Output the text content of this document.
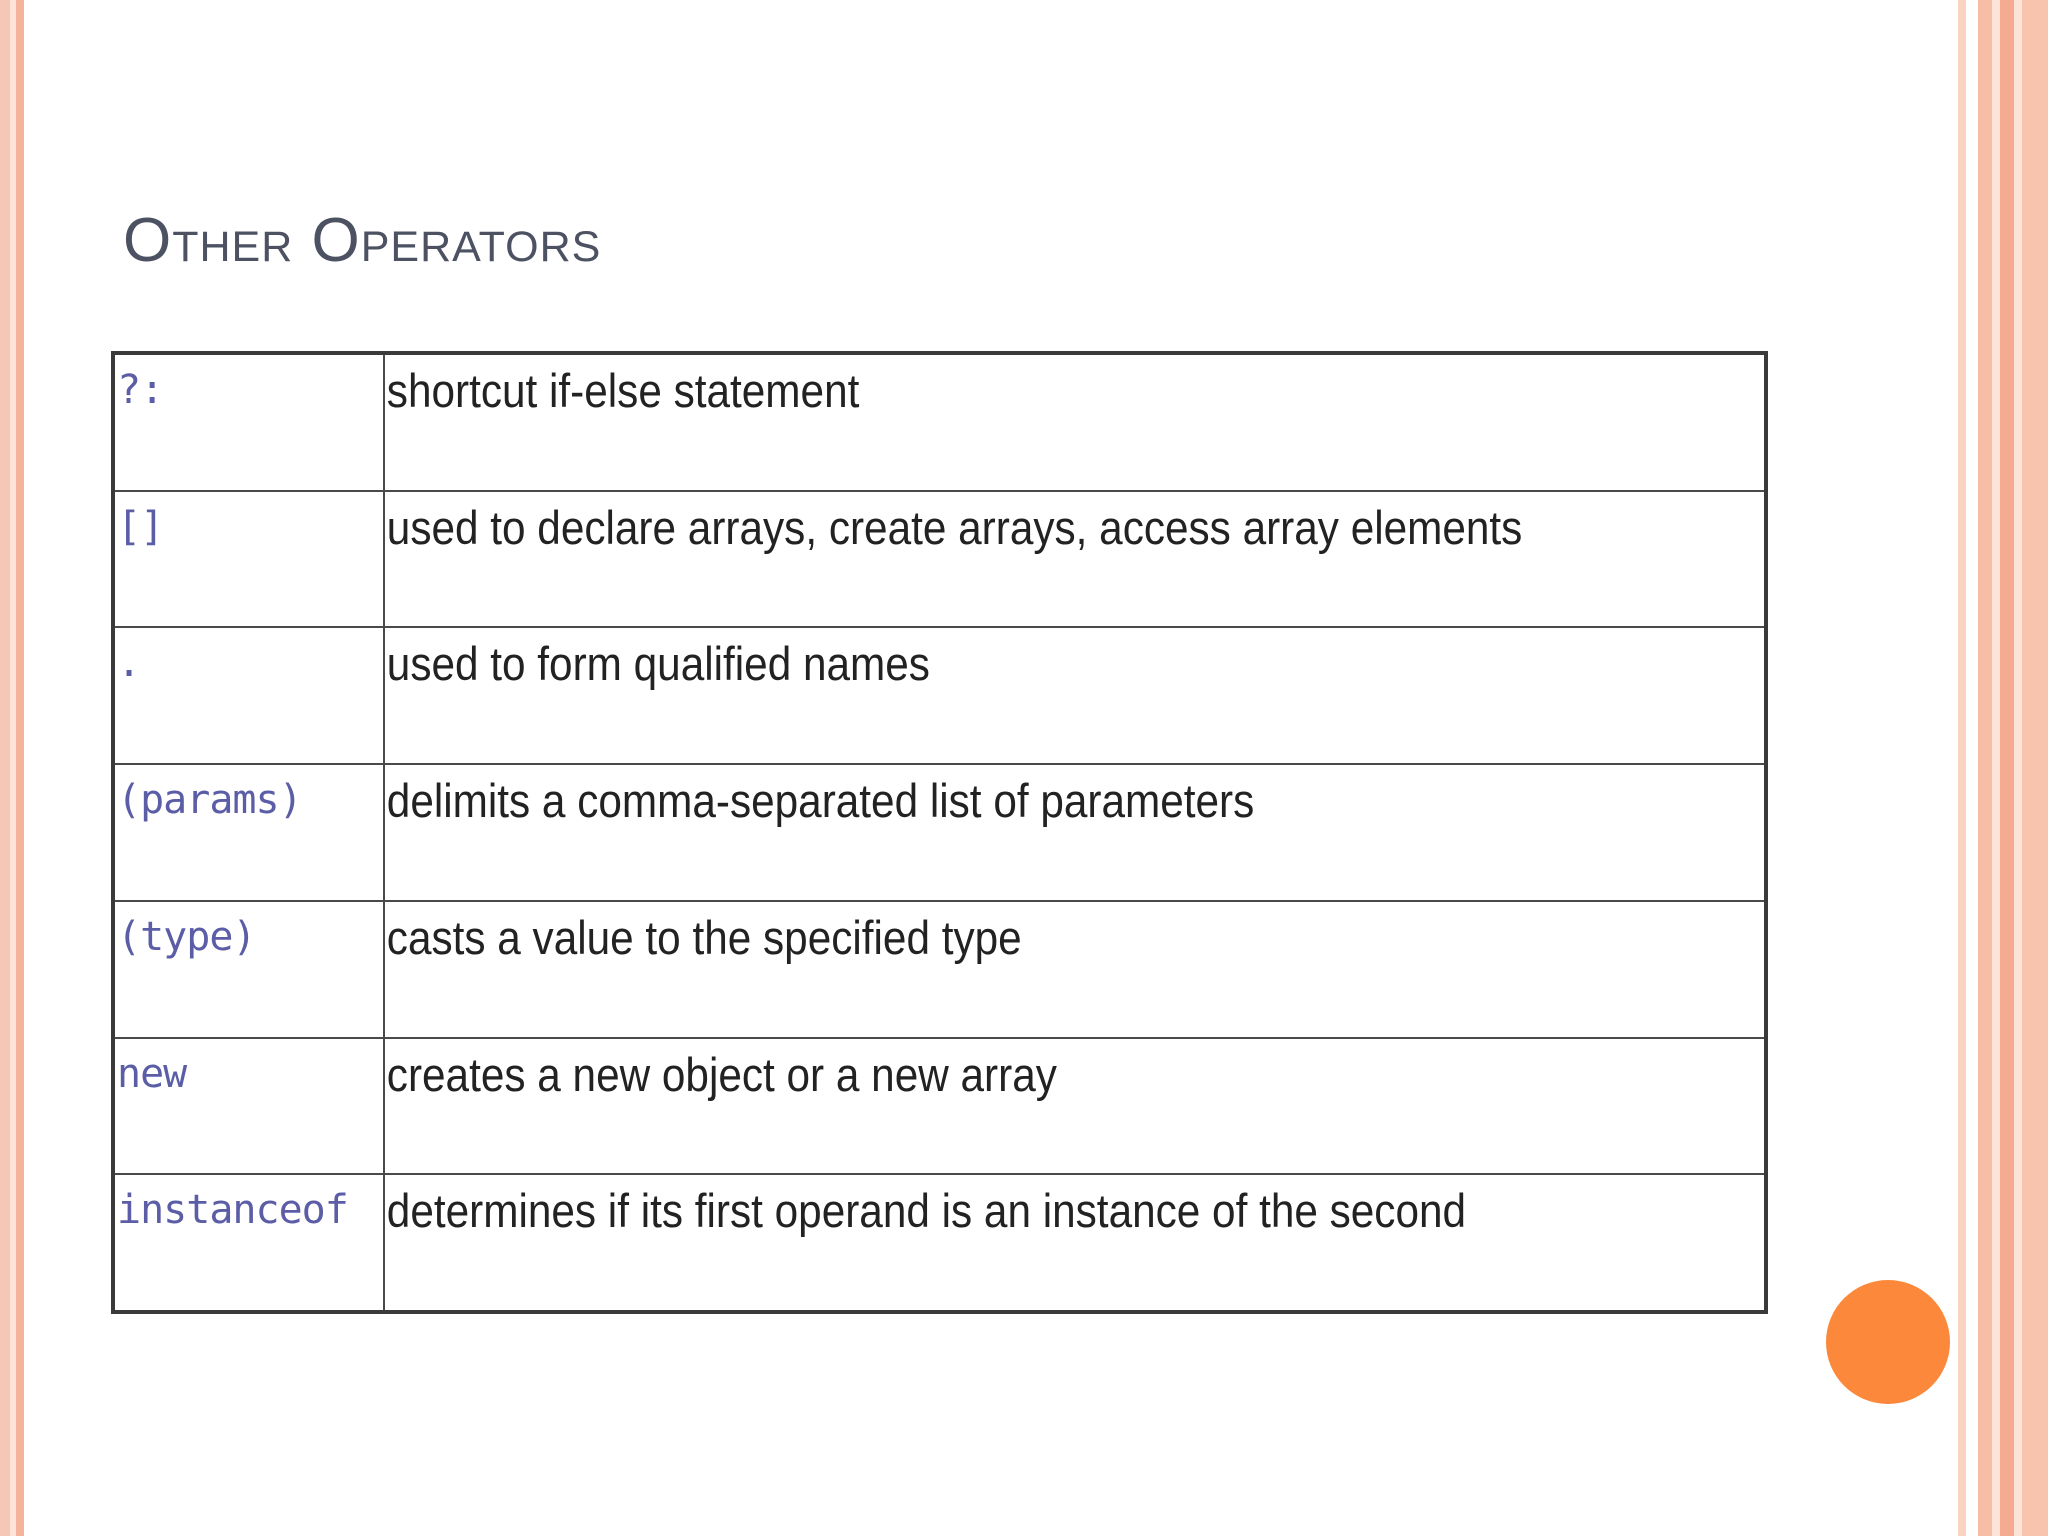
Other Operators
?:	shortcut if-else statement

[]	used to declare arrays, create arrays, access array elements

.	used to form qualified names

(params)	delimits a comma-separated list of parameters

(type)	casts a value to the specified type

new	creates a new object or a new array

instanceof	determines if its first operand is an instance of the second
